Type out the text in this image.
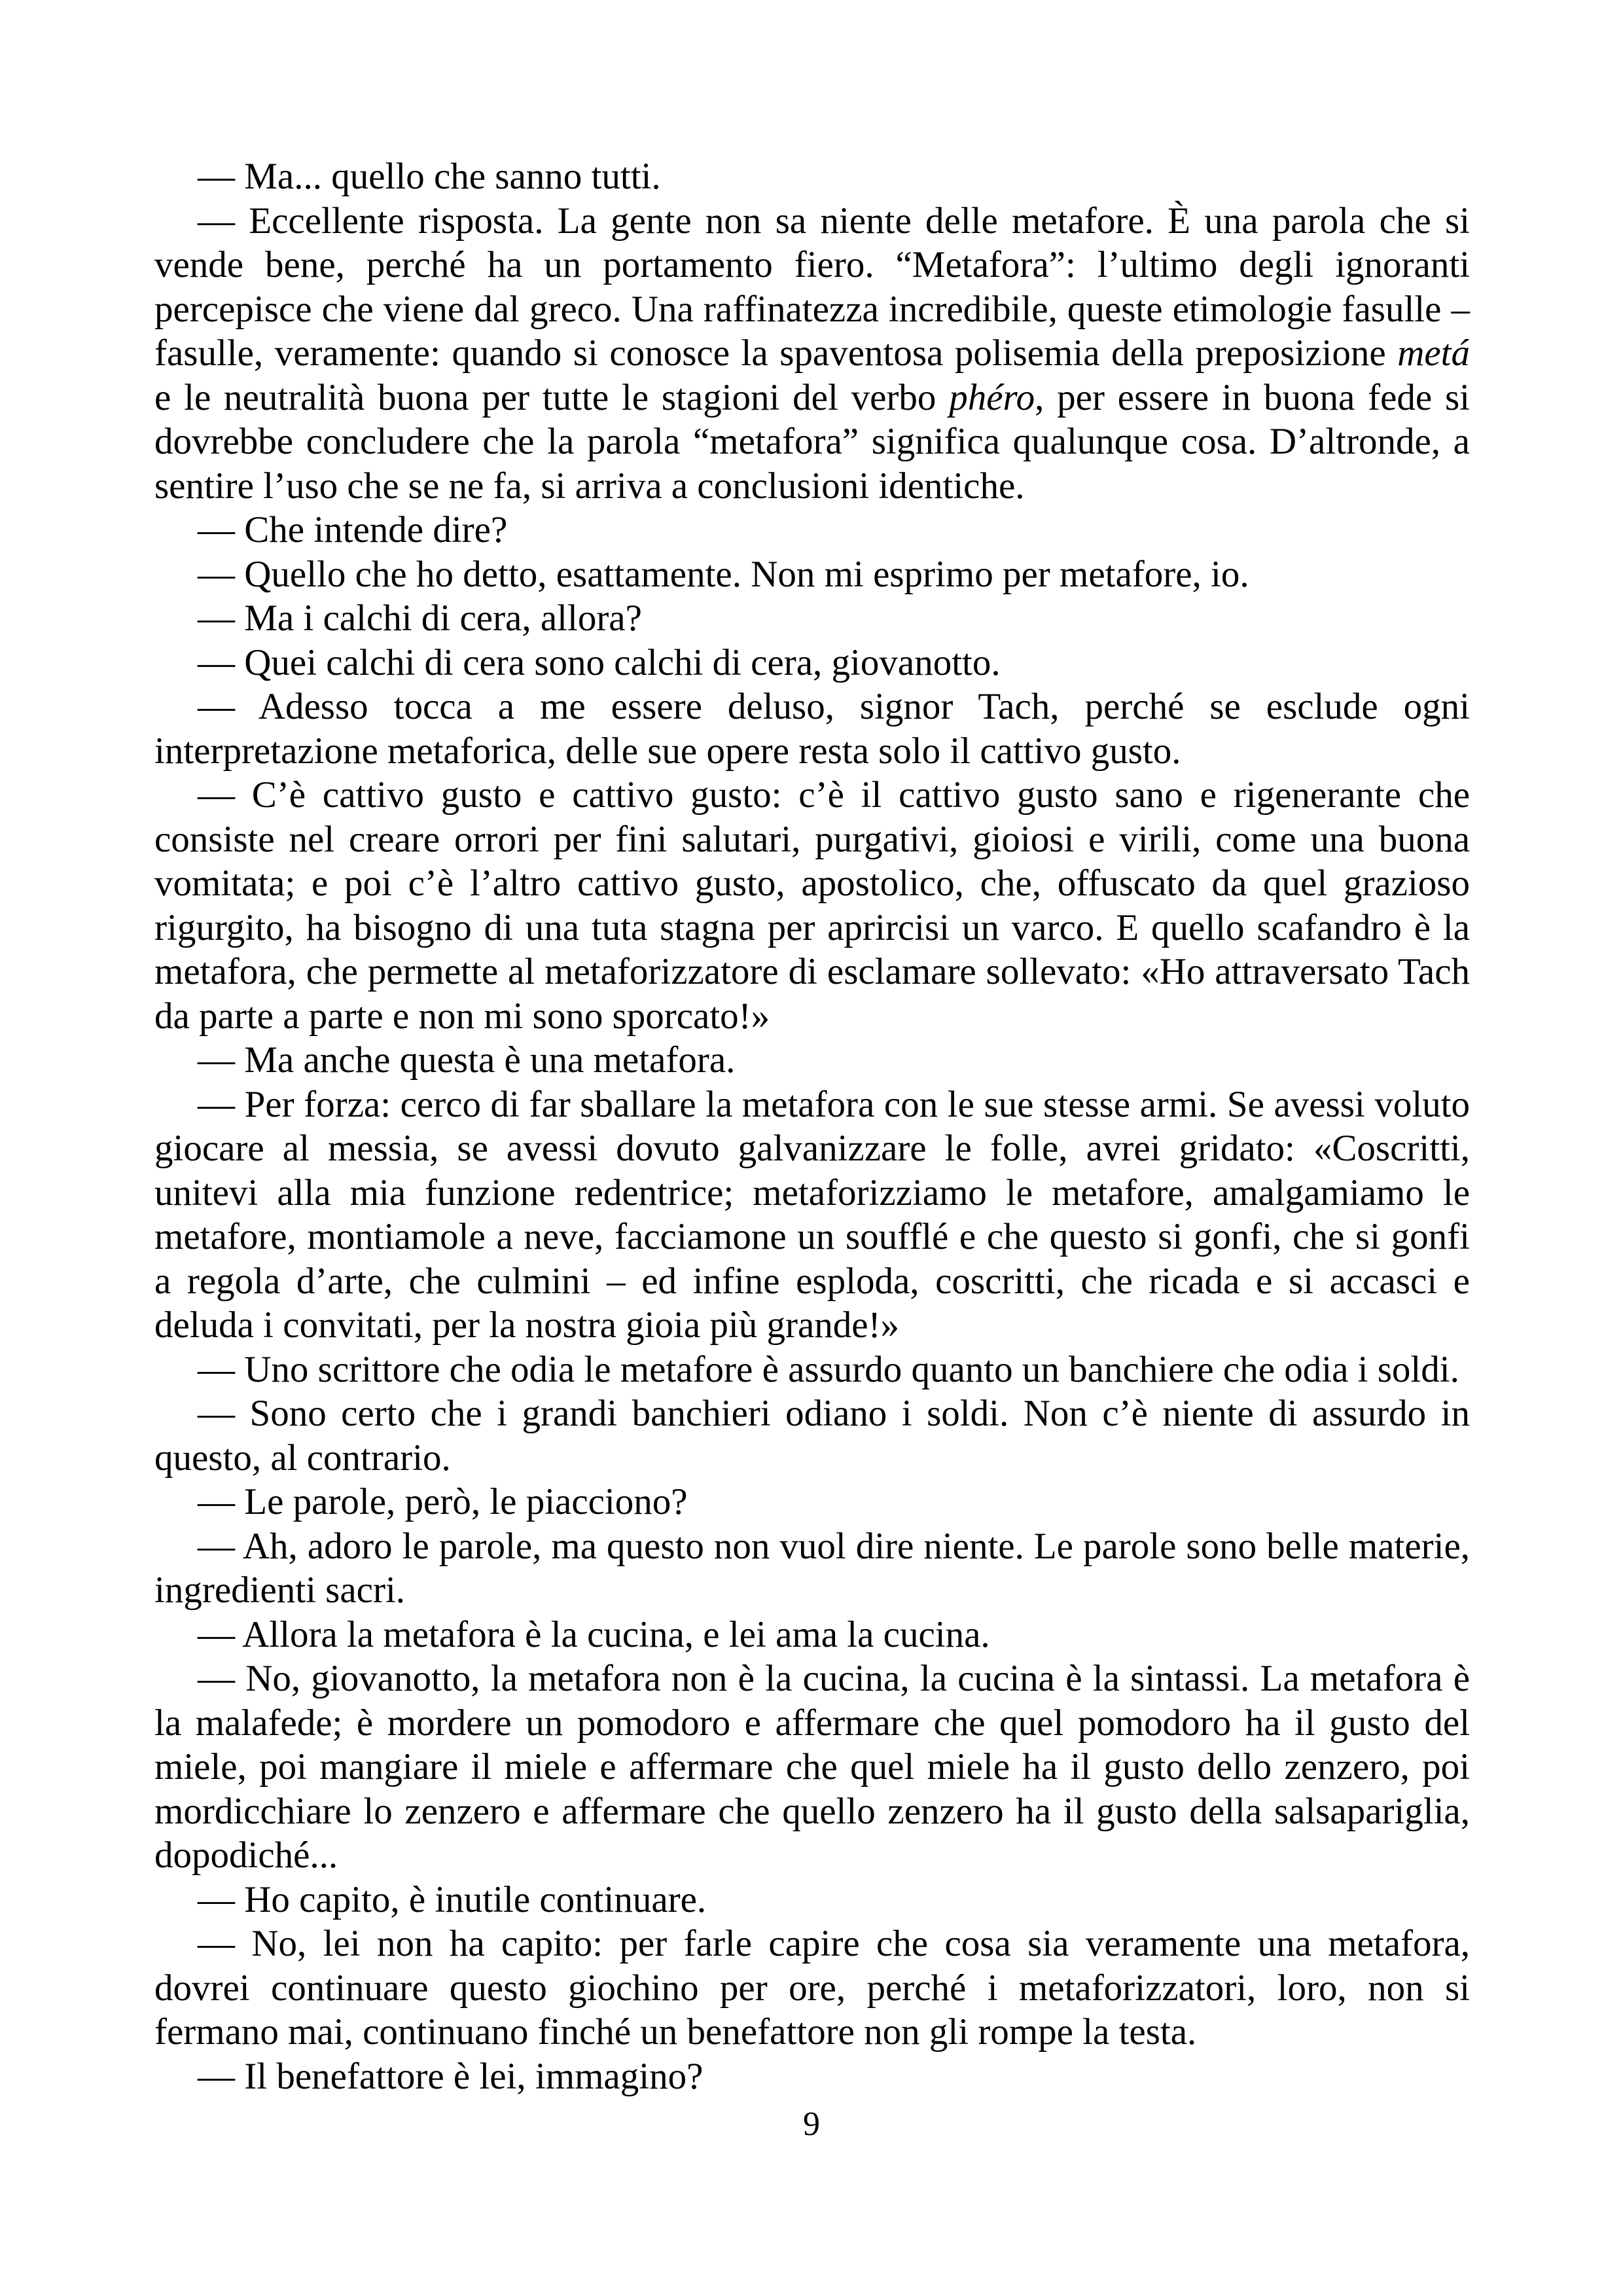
— Ma... quello che sanno tutti.

— Eccellente risposta. La gente non sa niente delle metafore. È una parola che si vende bene, perché ha un portamento fiero. “Metafora”: l’ultimo degli ignoranti percepisce che viene dal greco. Una raffinatezza incredibile, queste etimologie fasulle – fasulle, veramente: quando si conosce la spaventosa polisemia della preposizione metá e le neutralità buona per tutte le stagioni del verbo phéro, per essere in buona fede si dovrebbe concludere che la parola “metafora” significa qualunque cosa. D’altronde, a sentire l’uso che se ne fa, si arriva a conclusioni identiche.

— Che intende dire?

— Quello che ho detto, esattamente. Non mi esprimo per metafore, io.

— Ma i calchi di cera, allora?

— Quei calchi di cera sono calchi di cera, giovanotto.

— Adesso tocca a me essere deluso, signor Tach, perché se esclude ogni interpretazione metaforica, delle sue opere resta solo il cattivo gusto.

— C’è cattivo gusto e cattivo gusto: c’è il cattivo gusto sano e rigenerante che consiste nel creare orrori per fini salutari, purgativi, gioiosi e virili, come una buona vomitata; e poi c’è l’altro cattivo gusto, apostolico, che, offuscato da quel grazioso rigurgito, ha bisogno di una tuta stagna per aprircisi un varco. E quello scafandro è la metafora, che permette al metaforizzatore di esclamare sollevato: «Ho attraversato Tach da parte a parte e non mi sono sporcato!»

— Ma anche questa è una metafora.

— Per forza: cerco di far sballare la metafora con le sue stesse armi. Se avessi voluto giocare al messia, se avessi dovuto galvanizzare le folle, avrei gridato: «Coscritti, unitevi alla mia funzione redentrice; metaforizziamo le metafore, amalgamiamo le metafore, montiamole a neve, facciamone un soufflé e che questo si gonfi, che si gonfi a regola d’arte, che culmini – ed infine esploda, coscritti, che ricada e si accasci e deluda i convitati, per la nostra gioia più grande!»

— Uno scrittore che odia le metafore è assurdo quanto un banchiere che odia i soldi.

— Sono certo che i grandi banchieri odiano i soldi. Non c’è niente di assurdo in questo, al contrario.

— Le parole, però, le piacciono?

— Ah, adoro le parole, ma questo non vuol dire niente. Le parole sono belle materie, ingredienti sacri.

— Allora la metafora è la cucina, e lei ama la cucina.

— No, giovanotto, la metafora non è la cucina, la cucina è la sintassi. La metafora è la malafede; è mordere un pomodoro e affermare che quel pomodoro ha il gusto del miele, poi mangiare il miele e affermare che quel miele ha il gusto dello zenzero, poi mordicchiare lo zenzero e affermare che quello zenzero ha il gusto della salsapariglia, dopodiché...

— Ho capito, è inutile continuare.

— No, lei non ha capito: per farle capire che cosa sia veramente una metafora, dovrei continuare questo giochino per ore, perché i metaforizzatori, loro, non si fermano mai, continuano finché un benefattore non gli rompe la testa.

— Il benefattore è lei, immagino?

9
